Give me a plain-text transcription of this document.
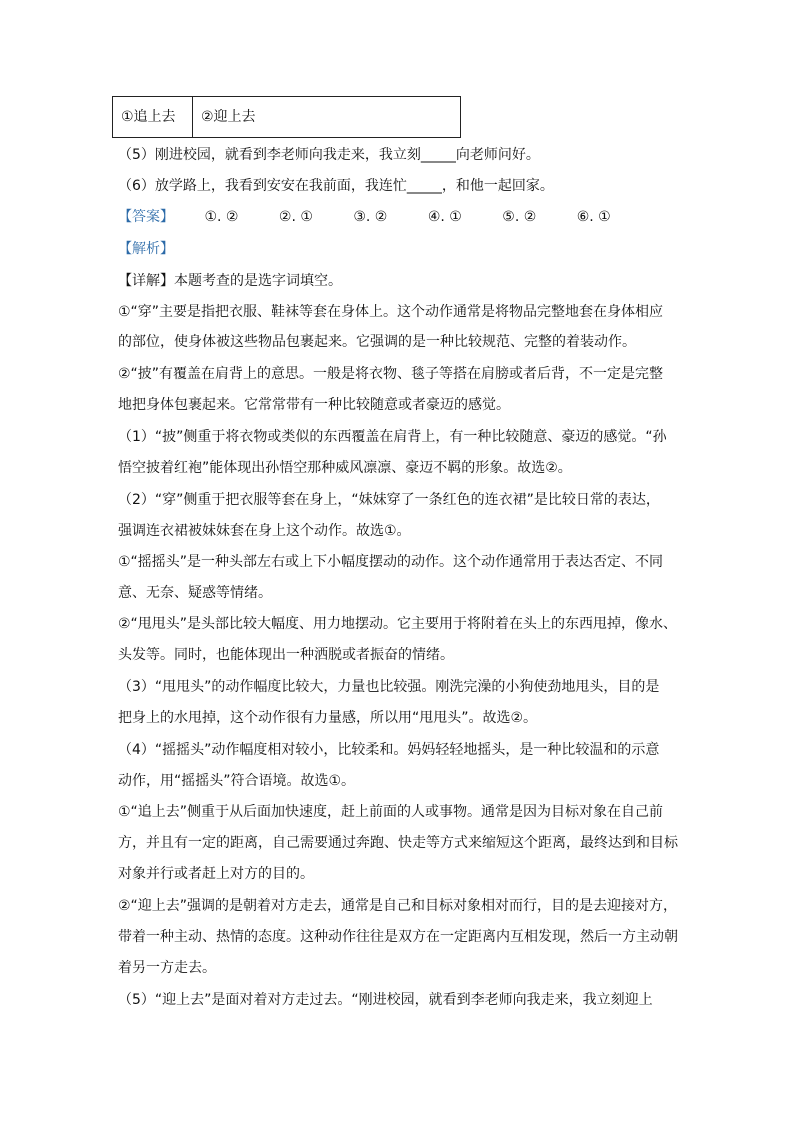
①追上去	②迎上去
（5）刚进校园，就看到李老师向我走来，我立刻_____向老师问好。
（6）放学路上，我看到安安在我前面，我连忙_____，和他一起回家。
【答案】 ①. ②	②. ①	③. ②	④. ①	⑤. ②	⑥. ①
【解析】
【详解】本题考查的是选字词填空。
①“穿”主要是指把衣服、鞋袜等套在身体上。这个动作通常是将物品完整地套在身体相应
的部位，使身体被这些物品包裹起来。它强调的是一种比较规范、完整的着装动作。
②“披”有覆盖在肩背上的意思。一般是将衣物、毯子等搭在肩膀或者后背，不一定是完整
地把身体包裹起来。它常常带有一种比较随意或者豪迈的感觉。
（1）“披”侧重于将衣物或类似的东西覆盖在肩背上，有一种比较随意、豪迈的感觉。“孙
悟空披着红袍”能体现出孙悟空那种威风凛凛、豪迈不羁的形象。故选②。
（2）“穿”侧重于把衣服等套在身上，“妹妹穿了一条红色的连衣裙”是比较日常的表达，
强调连衣裙被妹妹套在身上这个动作。故选①。
①“摇摇头”是一种头部左右或上下小幅度摆动的动作。这个动作通常用于表达否定、不同
意、无奈、疑惑等情绪。
②“甩甩头”是头部比较大幅度、用力地摆动。它主要用于将附着在头上的东西甩掉，像水、
头发等。同时，也能体现出一种洒脱或者振奋的情绪。
（3）“甩甩头”的动作幅度比较大，力量也比较强。刚洗完澡的小狗使劲地甩头，目的是
把身上的水甩掉，这个动作很有力量感，所以用“甩甩头”。故选②。
（4）“摇摇头”动作幅度相对较小，比较柔和。妈妈轻轻地摇头，是一种比较温和的示意
动作，用“摇摇头”符合语境。故选①。
①“追上去”侧重于从后面加快速度，赶上前面的人或事物。通常是因为目标对象在自己前
方，并且有一定的距离，自己需要通过奔跑、快走等方式来缩短这个距离，最终达到和目标
对象并行或者赶上对方的目的。
②“迎上去”强调的是朝着对方走去，通常是自己和目标对象相对而行，目的是去迎接对方，
带着一种主动、热情的态度。这种动作往往是双方在一定距离内互相发现，然后一方主动朝
着另一方走去。
（5）“迎上去”是面对着对方走过去。“刚进校园，就看到李老师向我走来，我立刻迎上
